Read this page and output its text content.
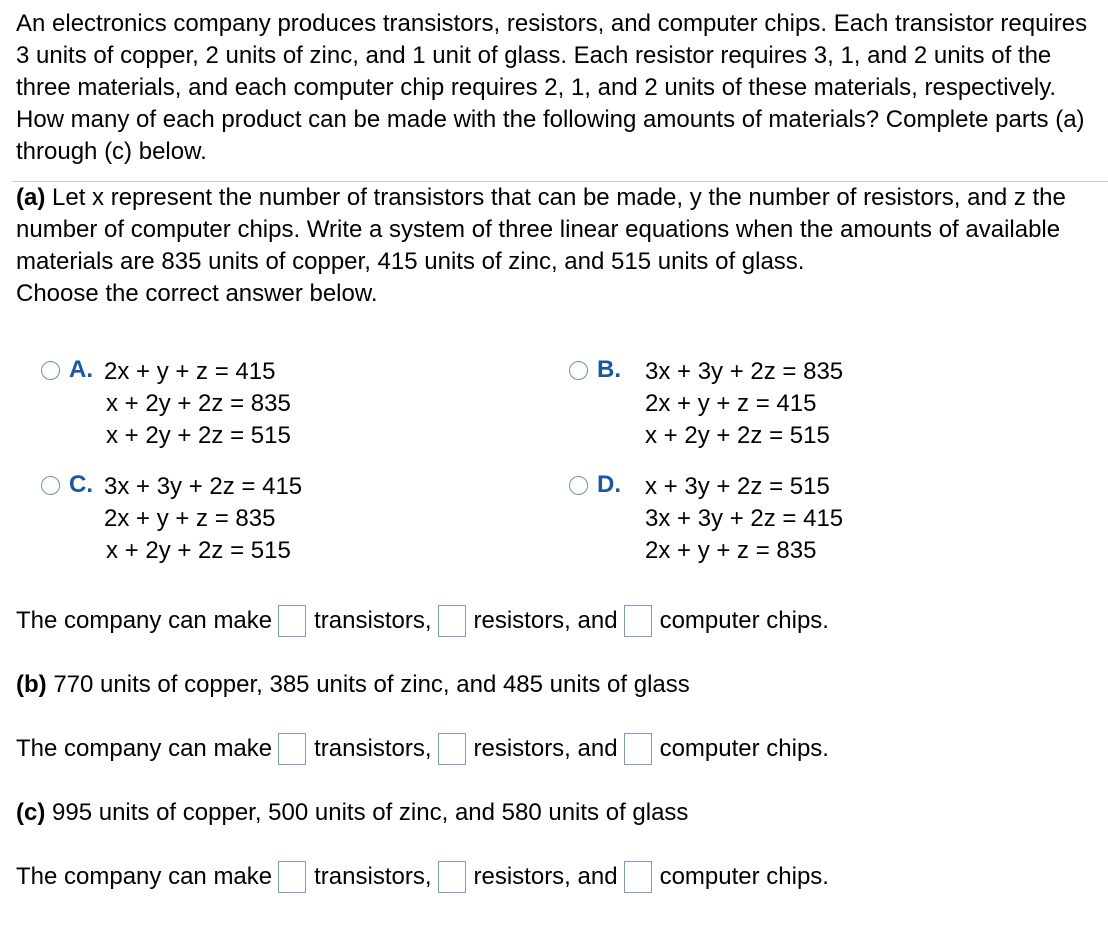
An electronics company produces transistors, resistors, and computer chips. Each transistor requires 3 units of copper, 2 units of zinc, and 1 unit of glass. Each resistor requires 3, 1, and 2 units of the three materials, and each computer chip requires 2, 1, and 2 units of these materials, respectively. How many of each product can be made with the following amounts of materials? Complete parts (a) through (c) below.

(a) Let x represent the number of transistors that can be made, y the number of resistors, and z the number of computer chips. Write a system of three linear equations when the amounts of available materials are 835 units of copper, 415 units of zinc, and 515 units of glass.
Choose the correct answer below.

A. 2x + y + z = 415
x + 2y + 2z = 835
x + 2y + 2z = 515
B. 3x + 3y + 2z = 835
2x + y + z = 415
x + 2y + 2z = 515
C. 3x + 3y + 2z = 415
2x + y + z = 835
x + 2y + 2z = 515
D. x + 3y + 2z = 515
3x + 3y + 2z = 415
2x + y + z = 835
The company can make transistors, resistors, and computer chips.
(b) 770 units of copper, 385 units of zinc, and 485 units of glass
The company can make transistors, resistors, and computer chips.
(c) 995 units of copper, 500 units of zinc, and 580 units of glass
The company can make transistors, resistors, and computer chips.
